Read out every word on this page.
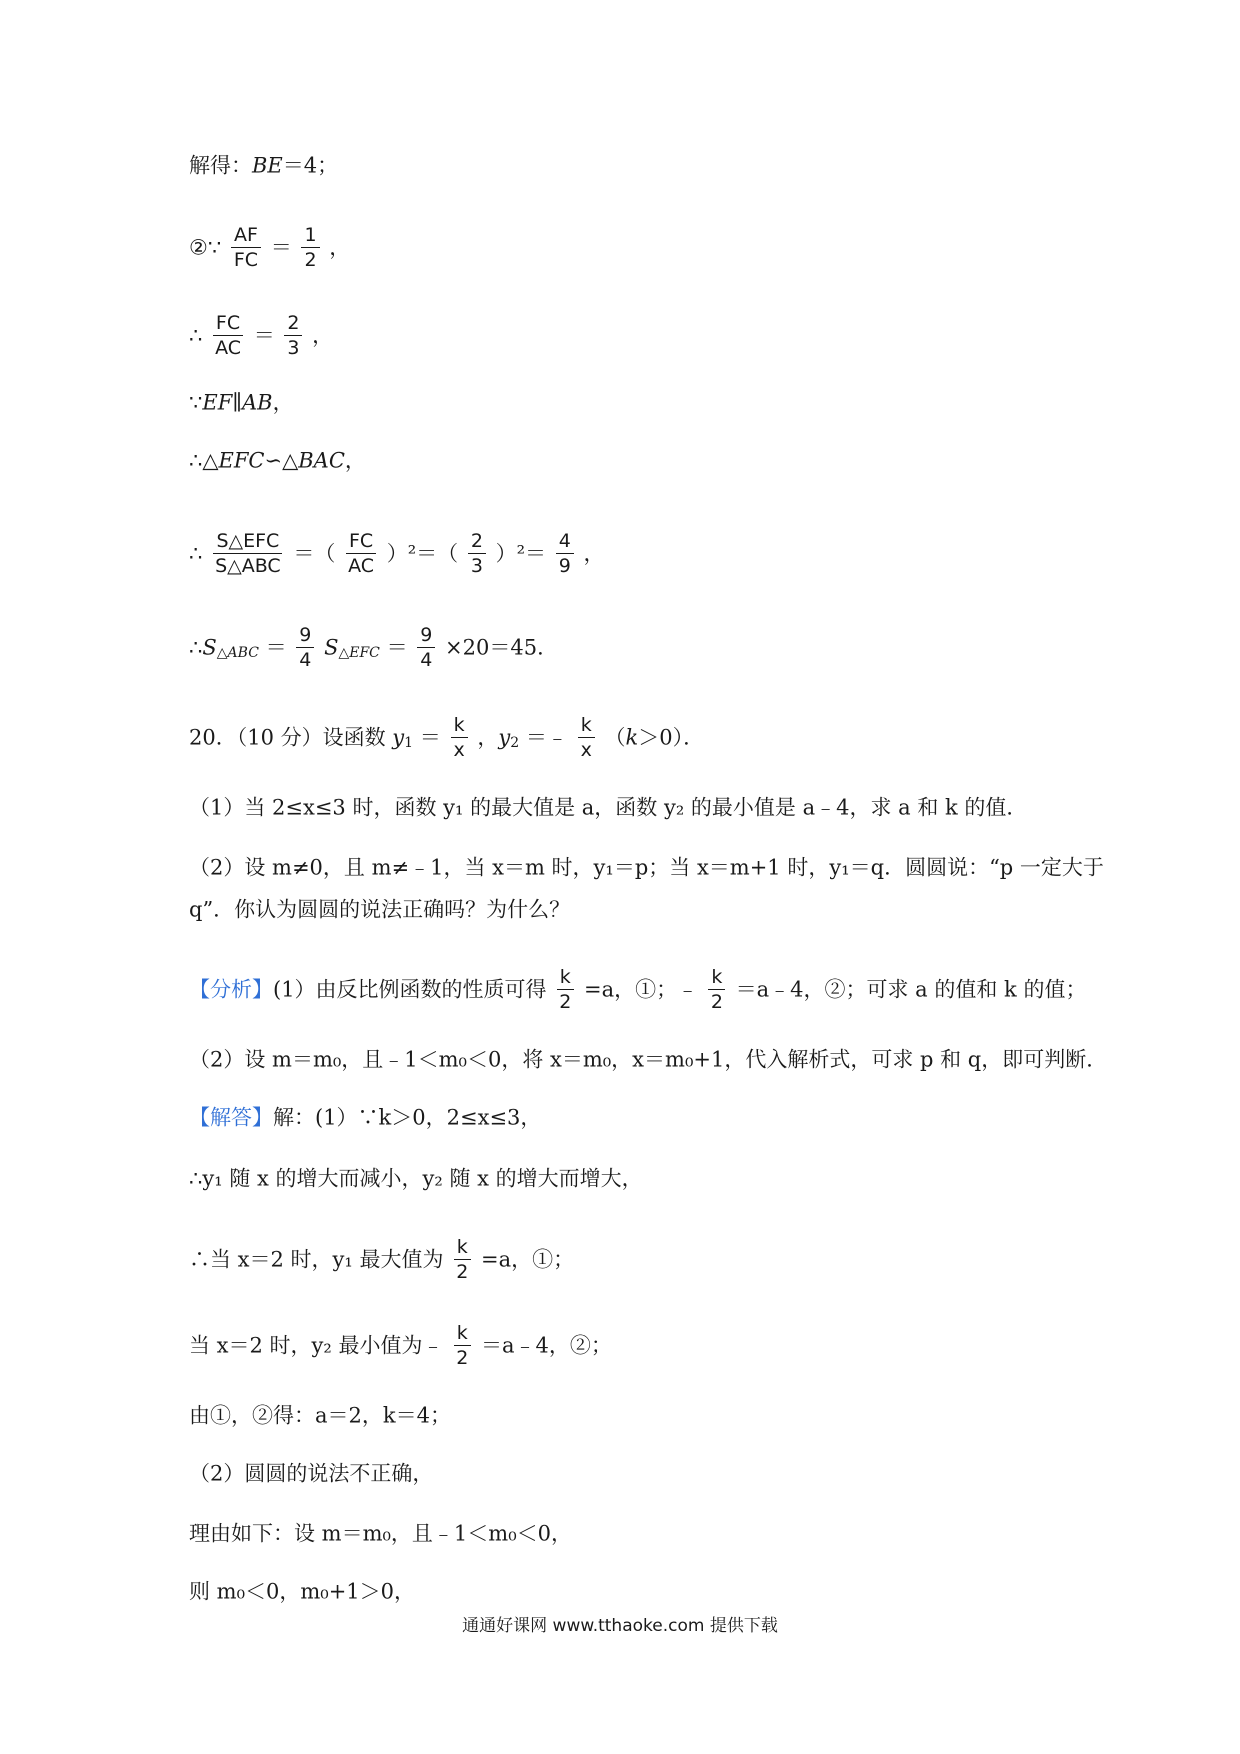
解得：BE＝4；
②∵ $\frac{AF}{FC} = \frac{1}{2}$ ，
∴ $\frac{FC}{AC} = \frac{2}{3}$ ，
∵EF∥AB，
∴△EFC∽△BAC，
∴ $\frac{\text{S△EFC}}{\text{S△ABC}}$ ＝（ $\frac{FC}{AC} )^2=( \frac{2}{3} )^2= \frac{4}{9}$ ，
$\therefore S_{\triangle ABC} = \frac{9}{4} S_{\triangle EFC} = \frac{9}{4} \times 20=45$．
20．（10 分）设函数 $y_1 = \frac{k}{x}$ ，$y_2$ ＝﹣ $\frac{k}{x} (k>0)$．
（1）当 2≤x≤3 时，函数 y₁ 的最大值是 a，函数 y₂ 的最小值是 a﹣4，求 a 和 k 的值．
（2）设 m≠0，且 m≠﹣1，当 x＝m 时，y₁＝p；当 x＝m+1 时，y₁＝q．圆圆说：“p 一定大于
q”．你认为圆圆的说法正确吗？为什么？
【分析】(1）由反比例函数的性质可得 $\frac{k}{2} =a$，①；﹣ $\frac{k}{2}$ ＝a﹣4，②；可求 a 的值和 k 的值；
（2）设 m＝m₀，且﹣1＜m₀＜0，将 x＝m₀，x＝m₀+1，代入解析式，可求 p 和 q，即可判断．
【解答】解：(1）∵k＞0，2≤x≤3，
∴y₁ 随 x 的增大而减小，y₂ 随 x 的增大而增大，
∴当 x＝2 时，y₁ 最大值为 $\frac{k}{2} =a$，①；
当 x＝2 时，y₂ 最小值为﹣ $\frac{k}{2}$ ＝a﹣4，②；
由①，②得：a＝2，k＝4；
（2）圆圆的说法不正确，
理由如下：设 m＝m₀，且﹣1＜m₀＜0，
则 m₀＜0，m₀+1＞0，
通通好课网 www.tthaoke.com 提供下载
